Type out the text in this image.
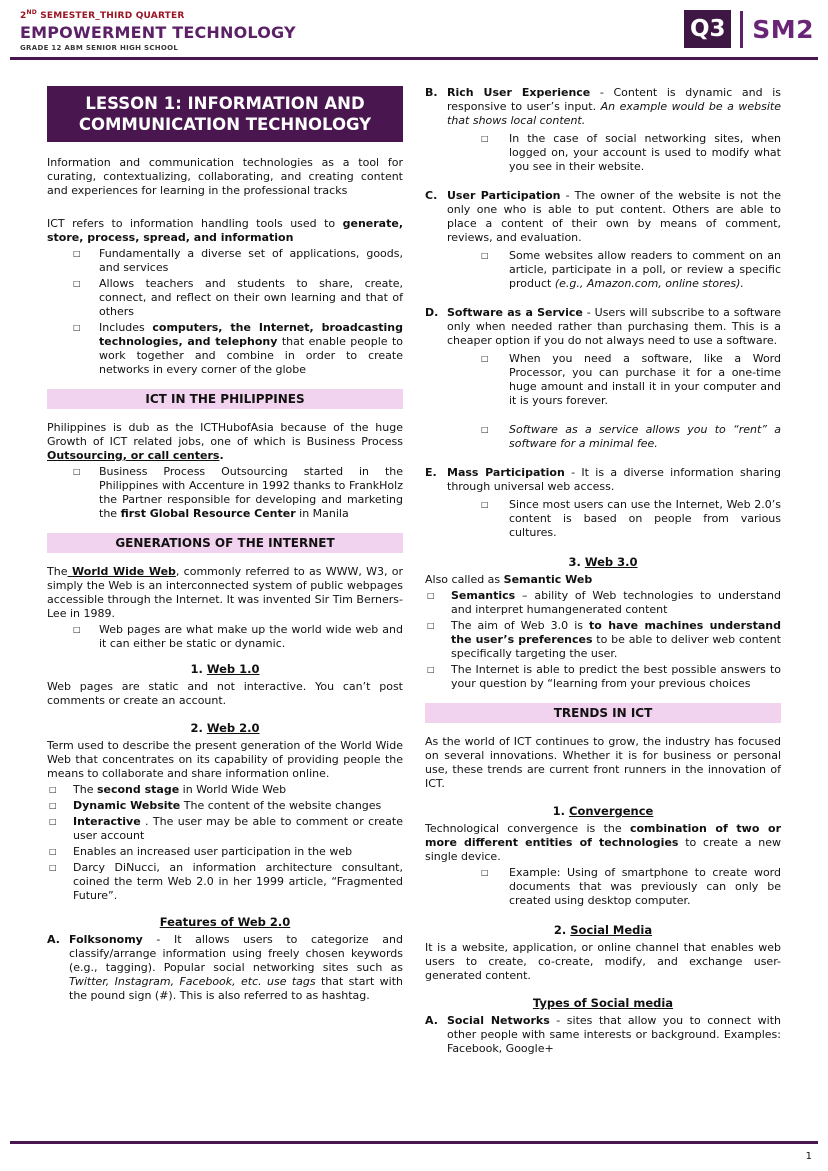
2ND SEMESTER_THIRD QUARTER
EMPOWERMENT TECHNOLOGY
GRADE 12 ABM SENIOR HIGH SCHOOL
Q3 SM2
LESSON 1: INFORMATION AND COMMUNICATION TECHNOLOGY
Information and communication technologies as a tool for curating, contextualizing, collaborating, and creating content and experiences for learning in the professional tracks
ICT refers to information handling tools used to generate, store, process, spread, and information
□	Fundamentally a diverse set of applications, goods, and services
□	Allows teachers and students to share, create, connect, and reflect on their own learning and that of others
□	Includes computers, the Internet, broadcasting technologies, and telephony that enable people to work together and combine in order to create networks in every corner of the globe
ICT IN THE PHILIPPINES
Philippines is dub as the ICTHubofAsia because of the huge Growth of ICT related jobs, one of which is Business Process Outsourcing, or call centers.
□	Business Process Outsourcing started in the Philippines with Accenture in 1992 thanks to FrankHolz the Partner responsible for developing and marketing the first Global Resource Center in Manila
GENERATIONS OF THE INTERNET
The World Wide Web, commonly referred to as WWW, W3, or simply the Web is an interconnected system of public webpages accessible through the Internet. It was invented Sir Tim Berners-Lee in 1989.
□	Web pages are what make up the world wide web and it can either be static or dynamic.
1. Web 1.0
Web pages are static and not interactive. You can’t post comments or create an account.
2. Web 2.0
Term used to describe the present generation of the World Wide Web that concentrates on its capability of providing people the means to collaborate and share information online.
□	The second stage in World Wide Web
□	Dynamic Website The content of the website changes
□	Interactive . The user may be able to comment or create user account
□	Enables an increased user participation in the web
□	Darcy DiNucci, an information architecture consultant, coined the term Web 2.0 in her 1999 article, “Fragmented Future”.
Features of Web 2.0
A. Folksonomy - It allows users to categorize and classify/arrange information using freely chosen keywords (e.g., tagging). Popular social networking sites such as Twitter, Instagram, Facebook, etc. use tags that start with the pound sign (#). This is also referred to as hashtag.
B. Rich User Experience - Content is dynamic and is responsive to user’s input. An example would be a website that shows local content.
□	In the case of social networking sites, when logged on, your account is used to modify what you see in their website.
C. User Participation - The owner of the website is not the only one who is able to put content. Others are able to place a content of their own by means of comment, reviews, and evaluation.
□	Some websites allow readers to comment on an article, participate in a poll, or review a specific product (e.g., Amazon.com, online stores).
D. Software as a Service - Users will subscribe to a software only when needed rather than purchasing them. This is a cheaper option if you do not always need to use a software.
□	When you need a software, like a Word Processor, you can purchase it for a one-time huge amount and install it in your computer and it is yours forever.
□	Software as a service allows you to “rent” a software for a minimal fee.
E. Mass Participation - It is a diverse information sharing through universal web access.
□	Since most users can use the Internet, Web 2.0’s content is based on people from various cultures.
3. Web 3.0
Also called as Semantic Web
□	Semantics – ability of Web technologies to understand and interpret humangenerated content
□	The aim of Web 3.0 is to have machines understand the user’s preferences to be able to deliver web content specifically targeting the user.
□	The Internet is able to predict the best possible answers to your question by “learning from your previous choices
TRENDS IN ICT
As the world of ICT continues to grow, the industry has focused on several innovations. Whether it is for business or personal use, these trends are current front runners in the innovation of ICT.
1. Convergence
Technological convergence is the combination of two or more different entities of technologies to create a new single device.
□	Example: Using of smartphone to create word documents that was previously can only be created using desktop computer.
2. Social Media
It is a website, application, or online channel that enables web users to create, co-create, modify, and exchange user-generated content.
Types of Social media
A. Social Networks - sites that allow you to connect with other people with same interests or background. Examples: Facebook, Google+
1
